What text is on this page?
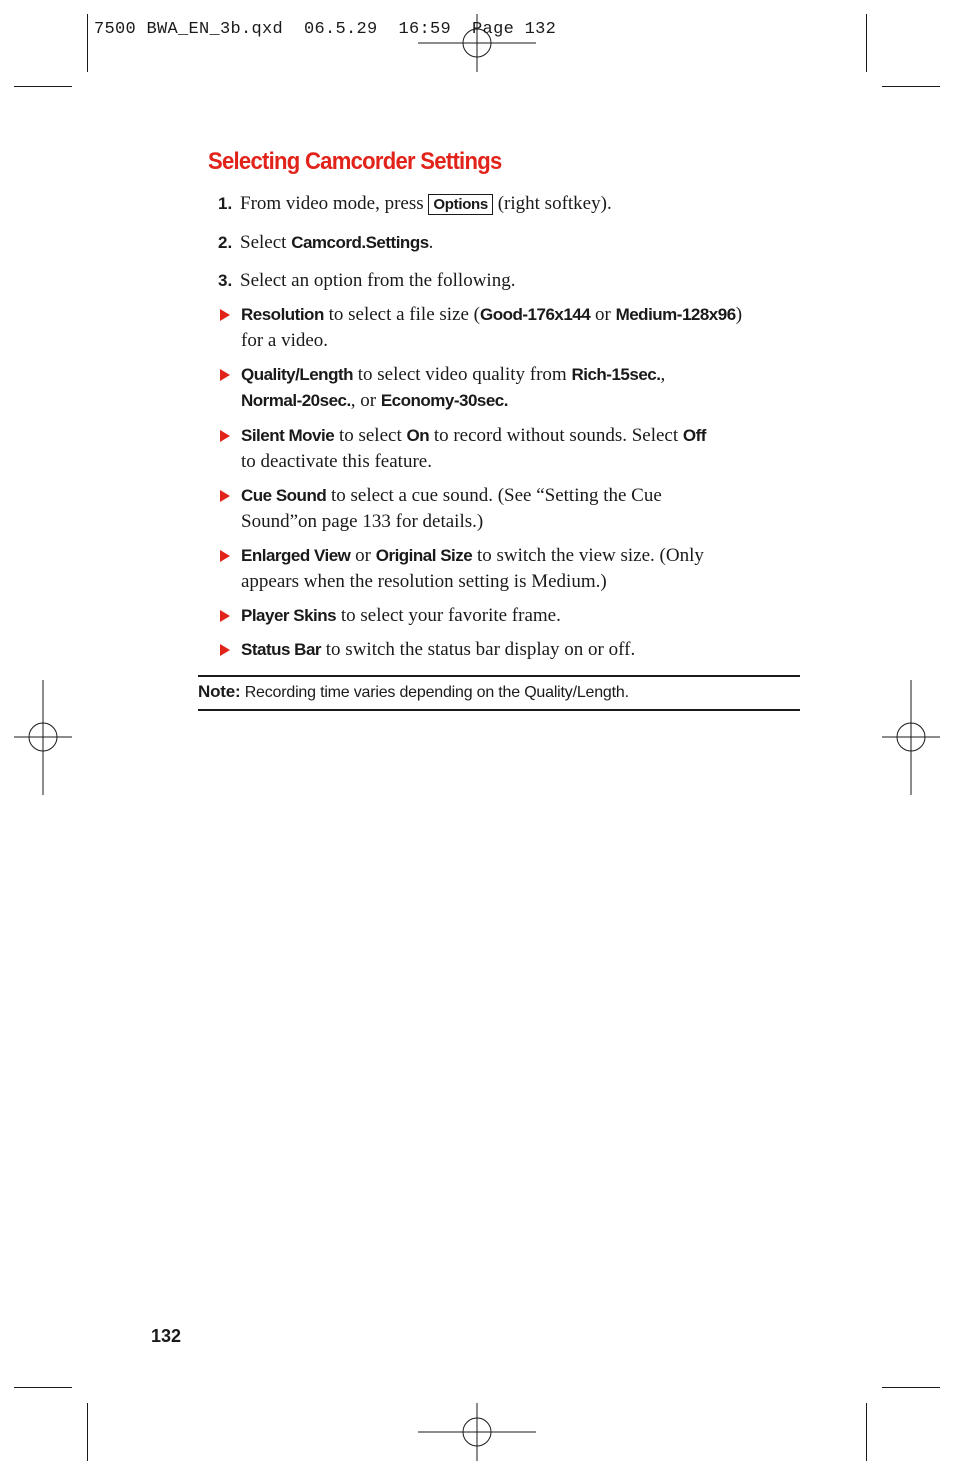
7500 BWA_EN_3b.qxd  06.5.29  16:59  Page 132
Selecting Camcorder Settings
1. From video mode, press Options (right softkey).
2. Select Camcord.Settings.
3. Select an option from the following.
Resolution to select a file size (Good-176x144 or Medium-128x96)
for a video.
Quality/Length to select video quality from Rich-15sec.,
Normal-20sec., or Economy-30sec.
Silent Movie to select On to record without sounds. Select Off
to deactivate this feature.
Cue Sound to select a cue sound. (See “Setting the Cue
Sound”on page 133 for details.)
Enlarged View or Original Size to switch the view size. (Only
appears when the resolution setting is Medium.)
Player Skins to select your favorite frame.
Status Bar to switch the status bar display on or off.
Note: Recording time varies depending on the Quality/Length.
132
